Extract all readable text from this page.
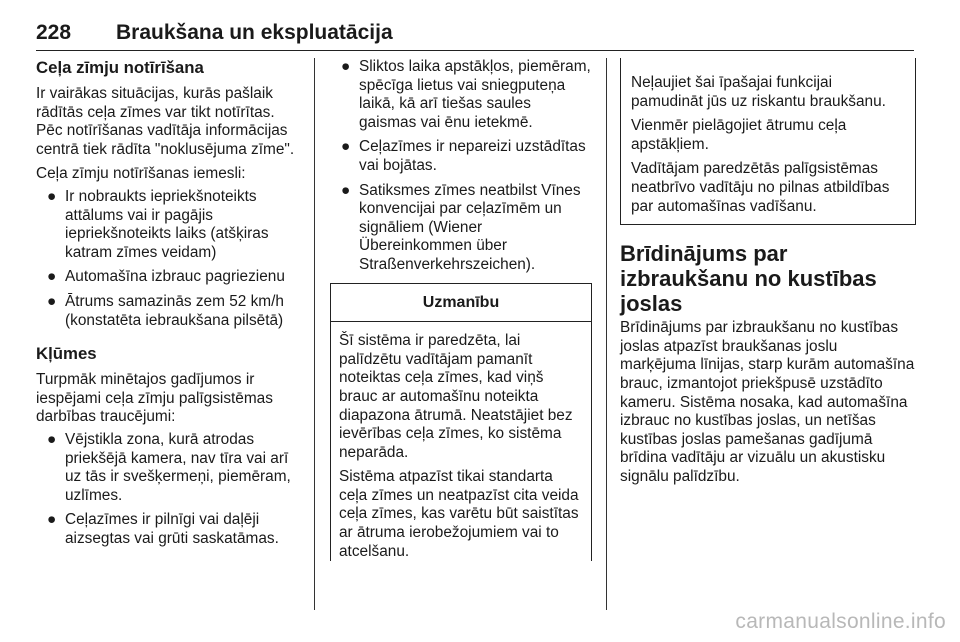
228 Braukšana un ekspluatācija
Ceļa zīmju notīrīšana

Ir vairākas situācijas, kurās pašlaik rādītās ceļa zīmes var tikt notīrītas. Pēc notīrīšanas vadītāja informācijas centrā tiek rādīta "noklusējuma zīme".

Ceļa zīmju notīrīšanas iemesli:

● Ir nobraukts iepriekšnoteikts attālums vai ir pagājis iepriekšnoteikts laiks (atšķiras katram zīmes veidam)
● Automašīna izbrauc pagriezienu
● Ātrums samazinās zem 52 km/h (konstatēta iebraukšana pilsētā)
Kļūmes

Turpmāk minētajos gadījumos ir iespējami ceļa zīmju palīgsistēmas darbības traucējumi:

● Vējstikla zona, kurā atrodas priekšējā kamera, nav tīra vai arī uz tās ir svešķermeņi, piemēram, uzlīmes.
● Ceļazīmes ir pilnīgi vai daļēji aizsegtas vai grūti saskatāmas.
● Sliktos laika apstākļos, piemēram, spēcīga lietus vai sniegputeņa laikā, kā arī tiešas saules gaismas vai ēnu ietekmē.
● Ceļazīmes ir nepareizi uzstādītas vai bojātas.
● Satiksmes zīmes neatbilst Vīnes konvencijai par ceļazīmēm un signāliem (Wiener Übereinkommen über Straßenverkehrszeichen).
Uzmanību

Šī sistēma ir paredzēta, lai palīdzētu vadītājam pamanīt noteiktas ceļa zīmes, kad viņš brauc ar automašīnu noteikta diapazona ātrumā. Neatstājiet bez ievērības ceļa zīmes, ko sistēma neparāda.

Sistēma atpazīst tikai standarta ceļa zīmes un neatpazīst cita veida ceļa zīmes, kas varētu būt saistītas ar ātruma ierobežojumiem vai to atcelšanu.

Neļaujiet šai īpašajai funkcijai pamudināt jūs uz riskantu braukšanu.

Vienmēr pielāgojiet ātrumu ceļa apstākļiem.

Vadītājam paredzētās palīgsistēmas neatbrīvo vadītāju no pilnas atbildības par automašīnas vadīšanu.

Brīdinājums par izbraukšanu no kustības joslas

Brīdinājums par izbraukšanu no kustības joslas atpazīst braukšanas joslu marķējuma līnijas, starp kurām automašīna brauc, izmantojot priekšpusē uzstādīto kameru. Sistēma nosaka, kad automašīna izbrauc no kustības joslas, un netīšas kustības joslas pamešanas gadījumā brīdina vadītāju ar vizuālu un akustisku signālu palīdzību.

carmanualsonline.info
